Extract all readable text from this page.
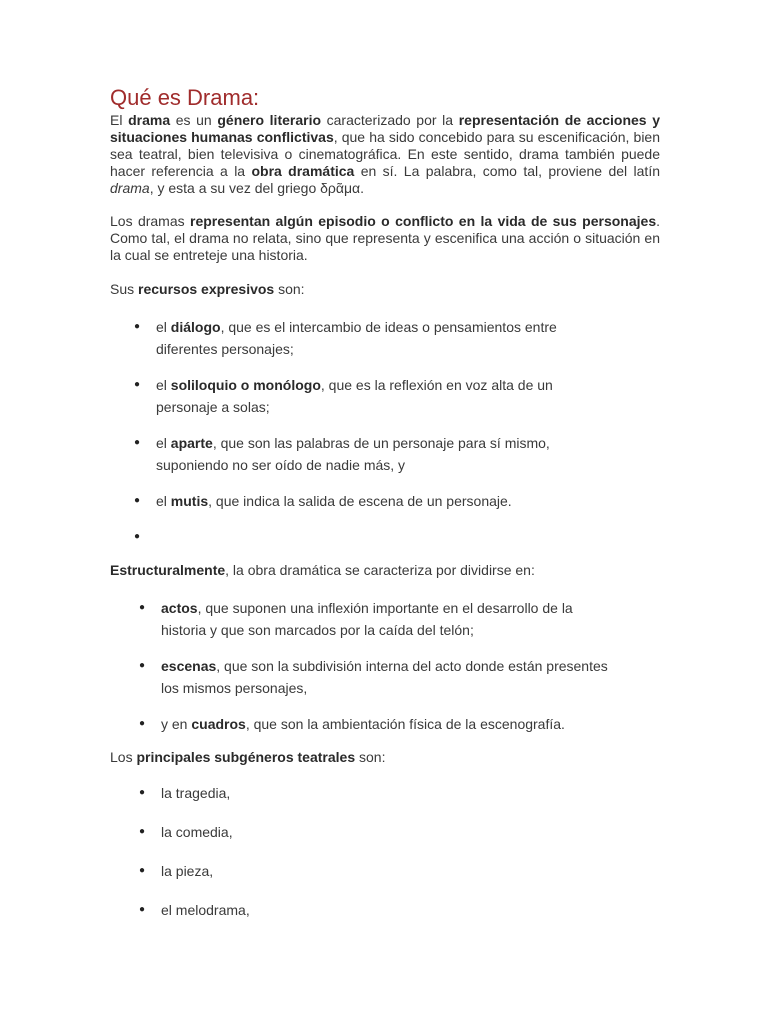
Qué es Drama:

El drama es un género literario caracterizado por la representación de acciones y situaciones humanas conflictivas, que ha sido concebido para su escenificación, bien sea teatral, bien televisiva o cinematográfica. En este sentido, drama también puede hacer referencia a la obra dramática en sí. La palabra, como tal, proviene del latín drama, y esta a su vez del griego δρᾶμα.

Los dramas representan algún episodio o conflicto en la vida de sus personajes. Como tal, el drama no relata, sino que representa y escenifica una acción o situación en la cual se entreteje una historia.

Sus recursos expresivos son:

● el diálogo, que es el intercambio de ideas o pensamientos entre diferentes personajes;
● el soliloquio o monólogo, que es la reflexión en voz alta de un personaje a solas;
● el aparte, que son las palabras de un personaje para sí mismo, suponiendo no ser oído de nadie más, y
● el mutis, que indica la salida de escena de un personaje.
●

Estructuralmente, la obra dramática se caracteriza por dividirse en:

● actos, que suponen una inflexión importante en el desarrollo de la historia y que son marcados por la caída del telón;
● escenas, que son la subdivisión interna del acto donde están presentes los mismos personajes,
● y en cuadros, que son la ambientación física de la escenografía.

Los principales subgéneros teatrales son:

● la tragedia,
● la comedia,
● la pieza,
● el melodrama,
